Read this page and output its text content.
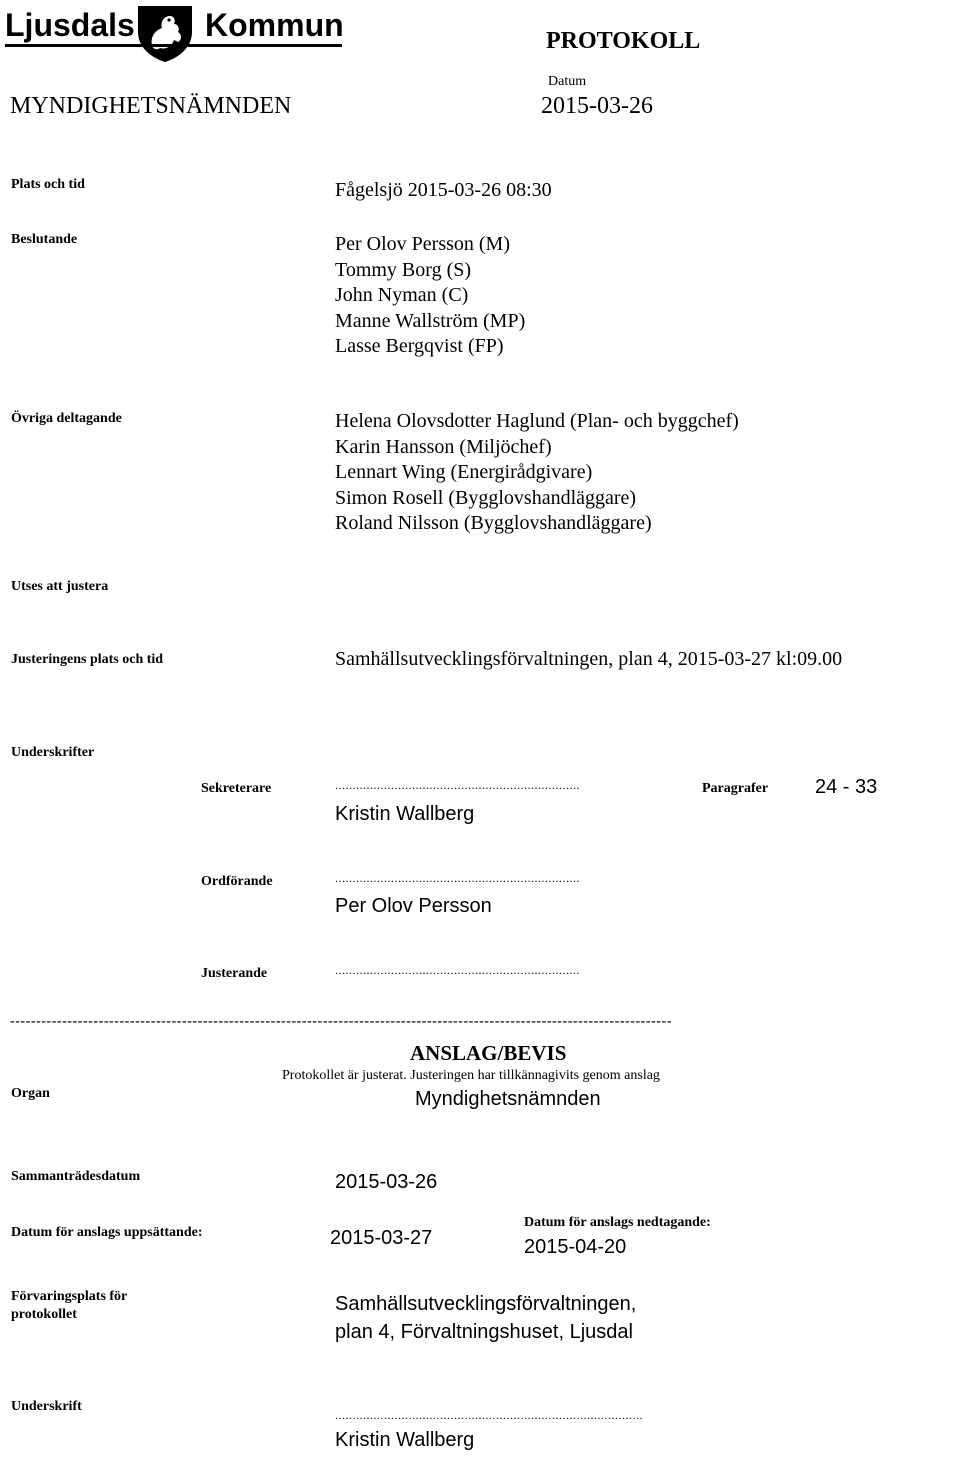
Ljusdals Kommun	PROTOKOLL
Datum
MYNDIGHETSNÄMNDEN	2015-03-26
Plats och tid	Fågelsjö 2015-03-26 08:30
Beslutande	Per Olov Persson (M)
Tommy Borg (S)
John Nyman (C)
Manne Wallström (MP)
Lasse Bergqvist (FP)
Övriga deltagande	Helena Olovsdotter Haglund (Plan- och byggchef)
Karin Hansson (Miljöchef)
Lennart Wing (Energirådgivare)
Simon Rosell (Bygglovshandläggare)
Roland Nilsson (Bygglovshandläggare)
Utses att justera
Justeringens plats och tid	Samhällsutvecklingsförvaltningen, plan 4, 2015-03-27 kl:09.00
Underskrifter
Sekreterare	......................................................................	Paragrafer 24 - 33
Kristin Wallberg
Ordförande	......................................................................
Per Olov Persson
Justerande	......................................................................
-------------------------------------------------------------------------------------------------------------------------------
ANSLAG/BEVIS
Protokollet är justerat. Justeringen har tillkännagivits genom anslag
Organ	Myndighetsnämnden
Sammanträdesdatum	2015-03-26
Datum för anslags uppsättande:	2015-03-27
Datum för anslags nedtagande:
2015-04-20
Förvaringsplats för
protokollet	Samhällsutvecklingsförvaltningen,
plan 4, Förvaltningshuset, Ljusdal
Underskrift
........................................................................................
Kristin Wallberg
